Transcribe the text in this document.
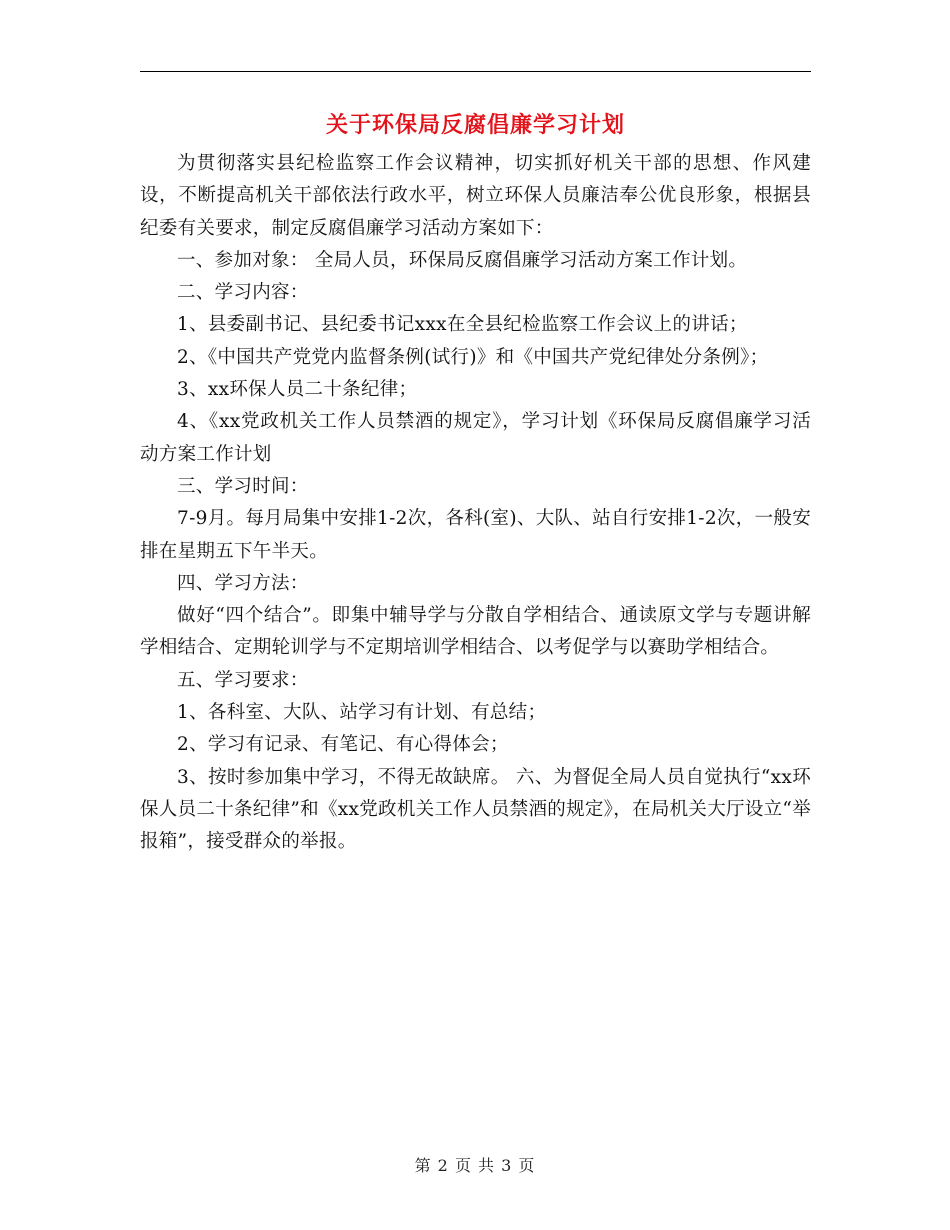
关于环保局反腐倡廉学习计划

为贯彻落实县纪检监察工作会议精神，切实抓好机关干部的思想、作风建设，不断提高机关干部依法行政水平，树立环保人员廉洁奉公优良形象，根据县纪委有关要求，制定反腐倡廉学习活动方案如下：

一、参加对象： 全局人员，环保局反腐倡廉学习活动方案工作计划。

二、学习内容：

1、县委副书记、县纪委书记xxx在全县纪检监察工作会议上的讲话；

2、《中国共产党党内监督条例(试行)》和《中国共产党纪律处分条例》；

3、xx环保人员二十条纪律；

4、《xx党政机关工作人员禁酒的规定》，学习计划《环保局反腐倡廉学习活动方案工作计划

三、学习时间：

7-9月。每月局集中安排1-2次，各科(室)、大队、站自行安排1-2次，一般安排在星期五下午半天。

四、学习方法：

做好“四个结合”。即集中辅导学与分散自学相结合、通读原文学与专题讲解学相结合、定期轮训学与不定期培训学相结合、以考促学与以赛助学相结合。

五、学习要求：

1、各科室、大队、站学习有计划、有总结；

2、学习有记录、有笔记、有心得体会；

3、按时参加集中学习，不得无故缺席。 六、为督促全局人员自觉执行“xx环保人员二十条纪律”和《xx党政机关工作人员禁酒的规定》，在局机关大厅设立“举报箱”，接受群众的举报。

第 2 页 共 3 页
